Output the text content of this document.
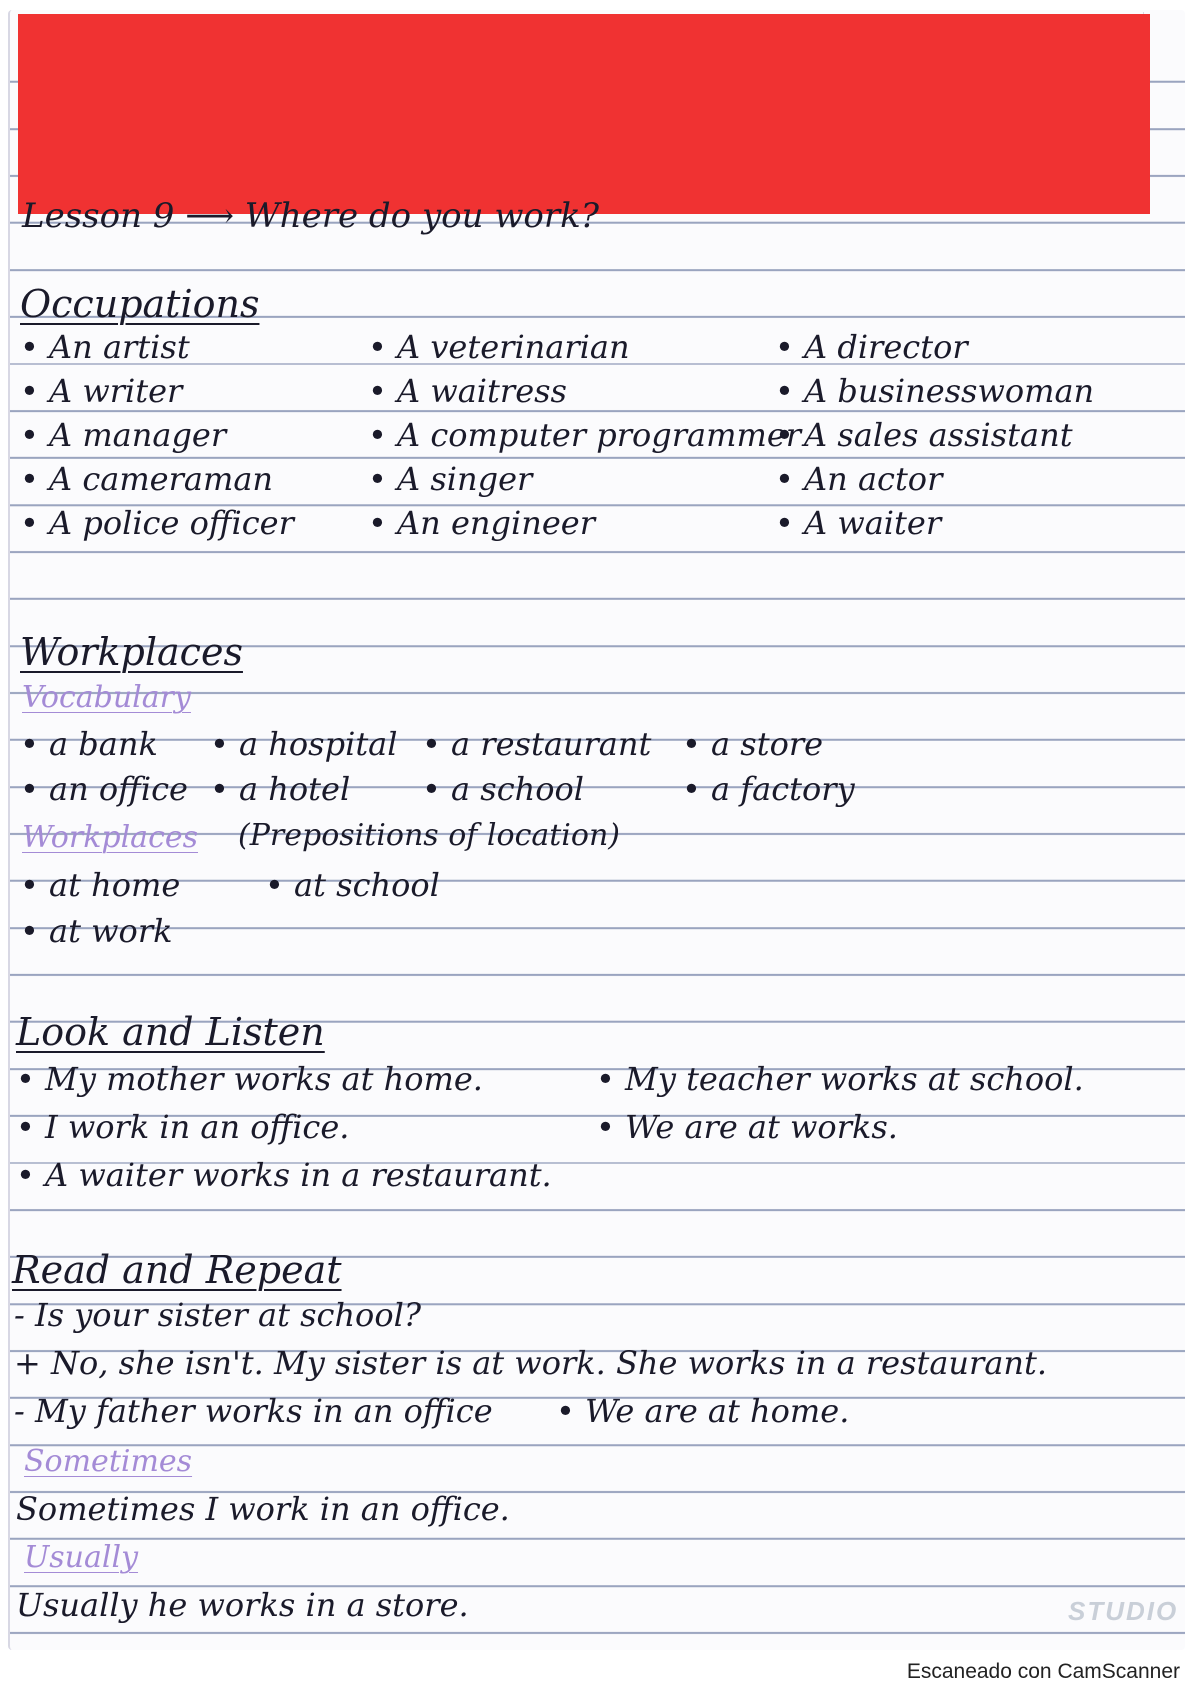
Lesson 9 ⟶ Where do you work?
Occupations
• An artist
• A writer
• A manager
• A cameraman
• A police officer
• A veterinarian
• A waitress
• A computer programmer
• A singer
• An engineer
• A director
• A businesswoman
• A sales assistant
• An actor
• A waiter
Workplaces
Vocabulary
• a bank • a hospital • a restaurant • a store
• an office • a hotel • a school	• a factory
Workplaces (Prepositions of location)
• at home	• at school
• at work
Look and Listen
• My mother works at home.
• I work in an office.
• A waiter works in a restaurant.
• My teacher works at school.
• We are at works.
Read and Repeat
- Is your sister at school?
+ No, she isn't. My sister is at work. She works in a restaurant.
- My father works in an office • We are at home.
Sometimes
Sometimes I work in an office.
Usually
Usually he works in a store.	STUDIO
Escaneado con CamScanner
